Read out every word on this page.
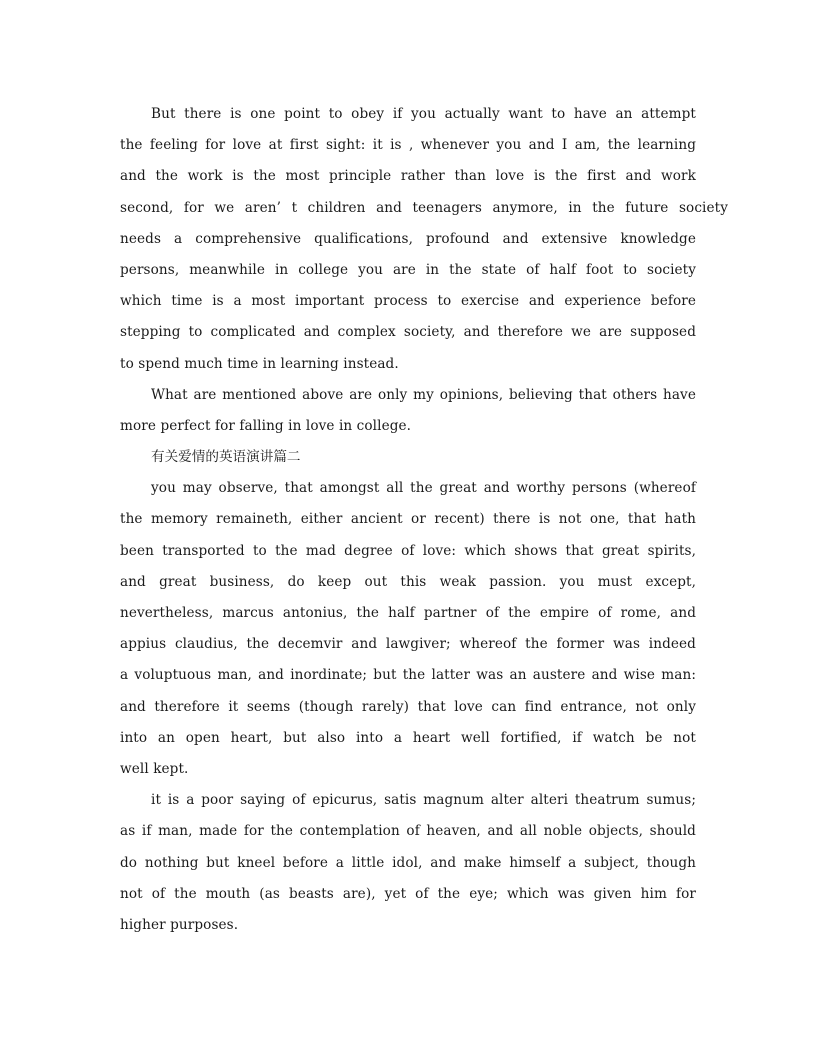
But there is one point to obey if you actually want to have an attempt
the feeling for love at first sight: it is , whenever you and I am, the learning
and the work is the most principle rather than love is the first and work
second, for we aren’ t children and teenagers anymore, in the future society
needs a comprehensive qualifications, profound and extensive knowledge
persons, meanwhile in college you are in the state of half foot to society
which time is a most important process to exercise and experience before
stepping to complicated and complex society, and therefore we are supposed
to spend much time in learning instead.
What are mentioned above are only my opinions, believing that others have
more perfect for falling in love in college.
有关爱情的英语演讲篇二
you may observe, that amongst all the great and worthy persons (whereof
the memory remaineth, either ancient or recent) there is not one, that hath
been transported to the mad degree of love: which shows that great spirits,
and great business, do keep out this weak passion. you must except,
nevertheless, marcus antonius, the half partner of the empire of rome, and
appius claudius, the decemvir and lawgiver; whereof the former was indeed
a voluptuous man, and inordinate; but the latter was an austere and wise man:
and therefore it seems (though rarely) that love can find entrance, not only
into an open heart, but also into a heart well fortified, if watch be not
well kept.
it is a poor saying of epicurus, satis magnum alter alteri theatrum sumus;
as if man, made for the contemplation of heaven, and all noble objects, should
do nothing but kneel before a little idol, and make himself a subject, though
not of the mouth (as beasts are), yet of the eye; which was given him for
higher purposes.
